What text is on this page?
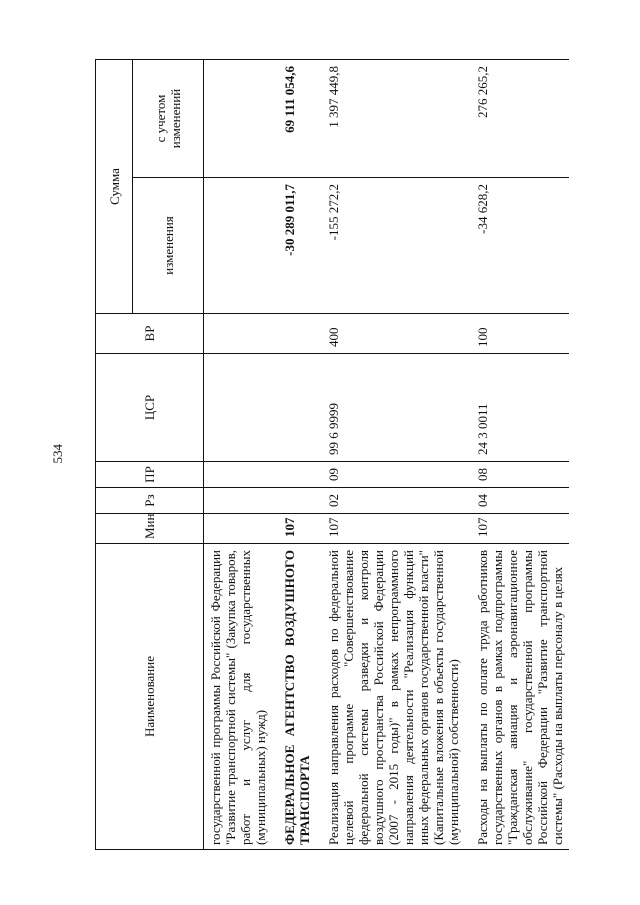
534
Наименование	Мин	Рз	ПР	ЦСР	ВР	Сумма	
						изменения	с учетом изменений
государственной программы Российской Федерации "Развитие транспортной системы" (Закупка товаров, работ и услуг для государственных (муниципальных) нужд)							

ФЕДЕРАЛЬНОЕ АГЕНТСТВО ВОЗДУШНОГО ТРАНСПОРТА	107					-30 289 011,7	69 111 054,6

Реализация направления расходов по федеральной целевой программе "Совершенствование федеральной системы разведки и контроля воздушного пространства Российской Федерации (2007 - 2015 годы)" в рамках непрограммного направления деятельности "Реализация функций иных федеральных органов государственной власти" (Капитальные вложения в объекты государственной (муниципальной) собственности)	107	02	09	99 6 9999	400	-155 272,2	1 397 449,8

Расходы на выплаты по оплате труда работников государственных органов в рамках подпрограммы "Гражданская авиация и аэронавигационное обслуживание" государственной программы Российской Федерации "Развитие транспортной системы" (Расходы на выплаты персоналу в целях	107	04	08	24 3 0011	100	-34 628,2	276 265,2
